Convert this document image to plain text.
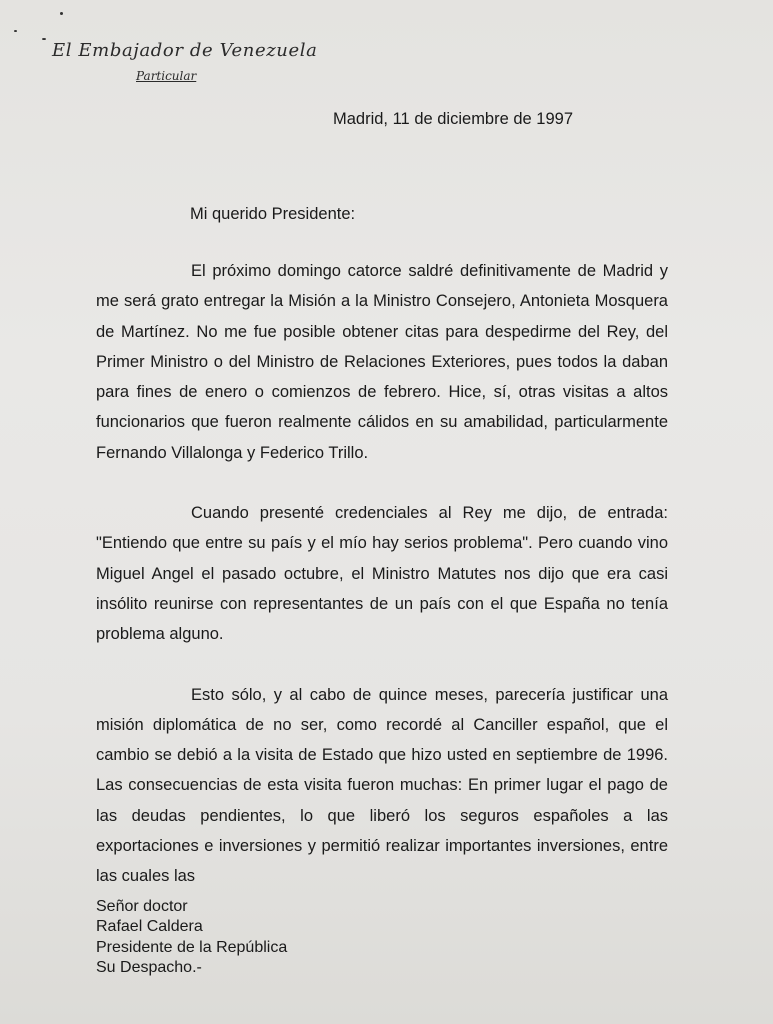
El Embajador de Venezuela
Particular
Madrid, 11 de diciembre de 1997
Mi querido Presidente:

El próximo domingo catorce saldré definitivamente de Madrid y me será grato entregar la Misión a la Ministro Consejero, Antonieta Mosquera de Martínez. No me fue posible obtener citas para despedirme del Rey, del Primer Ministro o del Ministro de Relaciones Exteriores, pues todos la daban para fines de enero o comienzos de febrero. Hice, sí, otras visitas a altos funcionarios que fueron realmente cálidos en su amabilidad, particularmente Fernando Villalonga y Federico Trillo.

Cuando presenté credenciales al Rey me dijo, de entrada: "Entiendo que entre su país y el mío hay serios problema". Pero cuando vino Miguel Angel el pasado octubre, el Ministro Matutes nos dijo que era casi insólito reunirse con representantes de un país con el que España no tenía problema alguno.

Esto sólo, y al cabo de quince meses, parecería justificar una misión diplomática de no ser, como recordé al Canciller español, que el cambio se debió a la visita de Estado que hizo usted en septiembre de 1996. Las consecuencias de esta visita fueron muchas: En primer lugar el pago de las deudas pendientes, lo que liberó los seguros españoles a las exportaciones e inversiones y permitió realizar importantes inversiones, entre las cuales las

Señor doctor
Rafael Caldera
Presidente de la República
Su Despacho.-
